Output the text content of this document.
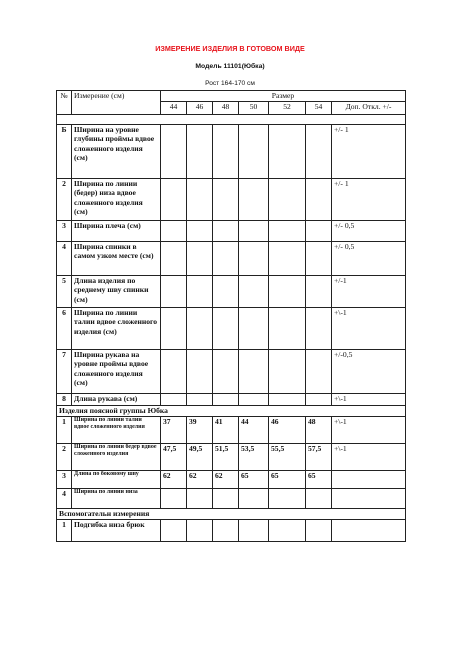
ИЗМЕРЕНИЕ ИЗДЕЛИЯ В ГОТОВОМ ВИДЕ
Модель 11101(Юбка)
Рост 164-170 см
№	Измерение (см)	Размер						
		44	46	48	50	52	54	Доп. Откл. +/-

Б	Ширина на уровне глубины проймы вдвое сложенного изделия (см)							+/- 1
2	Ширина по линии (бедер) низа вдвое сложенного изделия (см)							+/- 1
3	Ширина плеча (см)							+/- 0,5
4	Ширина спинки в самом узком месте (см)							+/- 0,5
5	Длина изделия по среднему шву спинки (см)							+/-1
6	Ширина по линии талии вдвое сложенного изделия (см)							+\-1
7	Ширина рукава на уровне проймы вдвое сложенного изделия (см)							+/-0,5
8	Длина рукава (см)							+\-1
Изделия поясной группы Юбка								
1	Ширина по линии талии вдвое сложенного изделия	37	39	41	44	46	48	+\-1
2	Ширина по линии бедер вдвое сложенного изделия	47,5	49,5	51,5	53,5	55,5	57,5	+\-1
3	Длина по боковому шву	62	62	62	65	65	65	
4	Ширина по линии низа							
Вспомогательн измерения								
1	Подгибка низа брюк							
